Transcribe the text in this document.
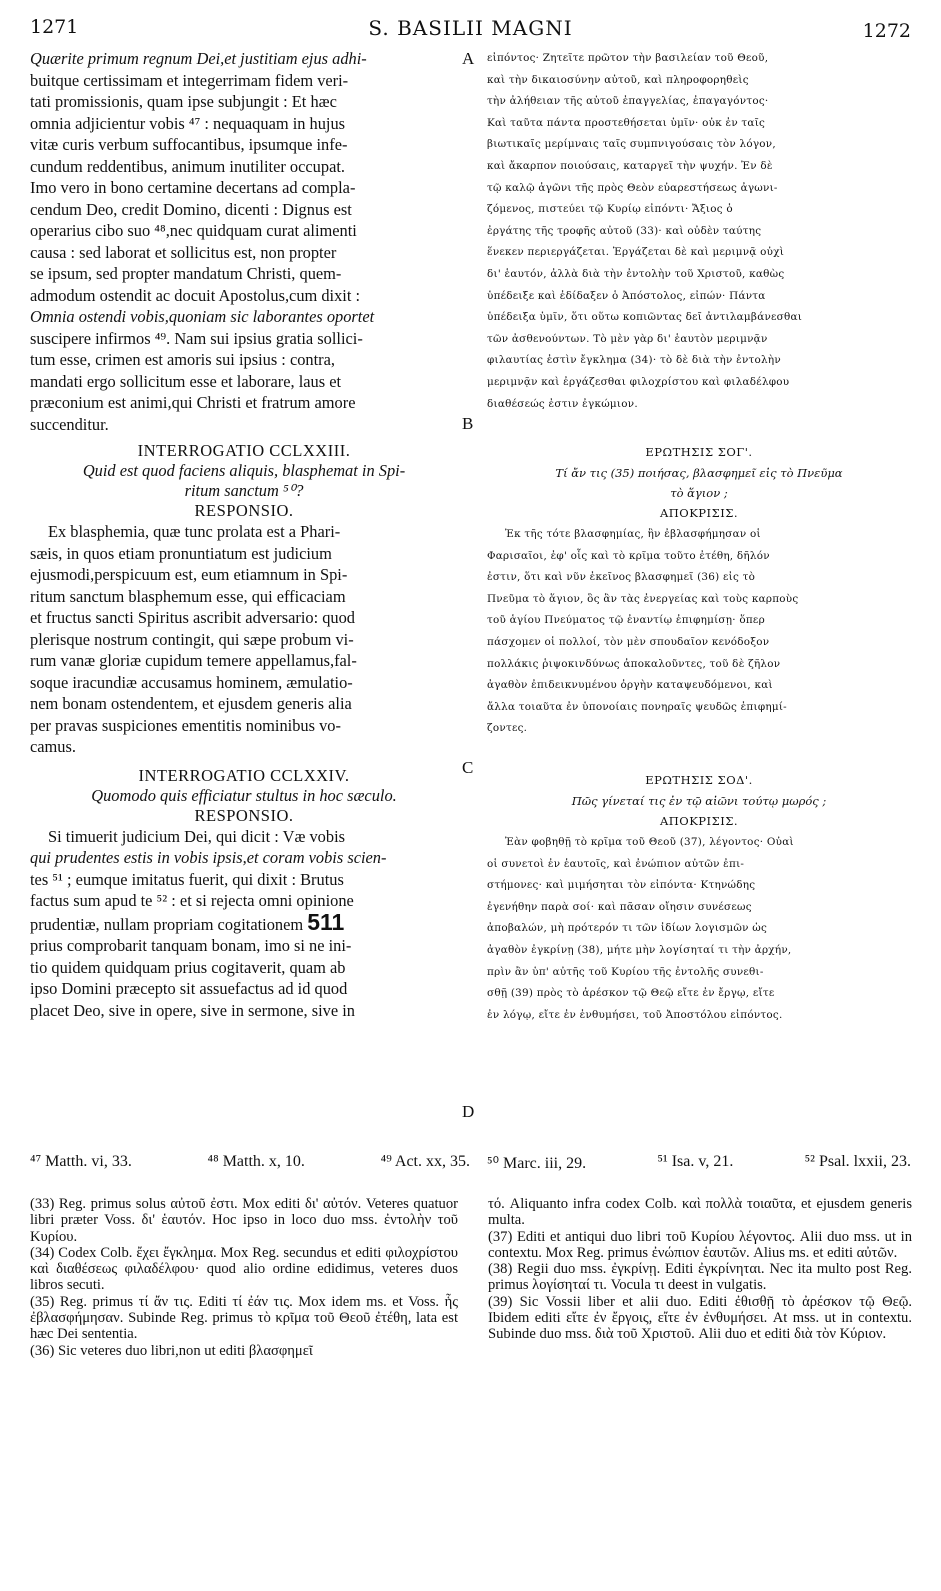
1271	S. BASILII MAGNI	1272

Quærite primum regnum Dei,et justitiam ejus adhi-

buitque certissimam et integerrimam fidem veri-

tati promissionis, quam ipse subjungit : Et hæc

omnia adjicientur vobis ⁴⁷ : nequaquam in hujus

vitæ curis verbum suffocantibus, ipsumque infe-

cundum reddentibus, animum inutiliter occupat.

Imo vero in bono certamine decertans ad compla-

cendum Deo, credit Domino, dicenti : Dignus est

operarius cibo suo ⁴⁸,nec quidquam curat alimenti

causa : sed laborat et sollicitus est, non propter

se ipsum, sed propter mandatum Christi, quem-

admodum ostendit ac docuit Apostolus,cum dixit :

Omnia ostendi vobis,quoniam sic laborantes oportet

suscipere infirmos ⁴⁹. Nam sui ipsius gratia sollici-

tum esse, crimen est amoris sui ipsius : contra,

mandati ergo sollicitum esse et laborare, laus et

præconium est animi,qui Christi et fratrum amore

succenditur.

INTERROGATIO CCLXXIII.

Quid est quod faciens aliquis, blasphemat in Spi-

ritum sanctum ⁵⁰?

RESPONSIO.

Ex blasphemia, quæ tunc prolata est a Phari-

sæis, in quos etiam pronuntiatum est judicium

ejusmodi,perspicuum est, eum etiamnum in Spi-

ritum sanctum blasphemum esse, qui efficaciam

et fructus sancti Spiritus ascribit adversario: quod

plerisque nostrum contingit, qui sæpe probum vi-

rum vanæ gloriæ cupidum temere appellamus,fal-

soque iracundiæ accusamus hominem, æmulatio-

nem bonam ostendentem, et ejusdem generis alia

per pravas suspiciones ementitis nominibus vo-

camus.

INTERROGATIO CCLXXIV.

Quomodo quis efficiatur stultus in hoc sæculo.

RESPONSIO.

Si timuerit judicium Dei, qui dicit : Væ vobis

qui prudentes estis in vobis ipsis,et coram vobis scien-

tes ⁵¹ ; eumque imitatus fuerit, qui dixit : Brutus

factus sum apud te ⁵² : et si rejecta omni opinione

prudentiæ, nullam propriam cogitationem 511

prius comprobarit tanquam bonam, imo si ne ini-

tio quidem quidquam prius cogitaverit, quam ab

ipso Domini præcepto sit assuefactus ad id quod

placet Deo, sive in opere, sive in sermone, sive in

A
B
C
D

εἰπόντος· Ζητεῖτε πρῶτον τὴν βασιλείαν τοῦ Θεοῦ,

καὶ τὴν δικαιοσύνην αὐτοῦ, καὶ πληροφορηθεὶς

τὴν ἀλήθειαν τῆς αὐτοῦ ἐπαγγελίας, ἐπαγαγόντος·

Καὶ ταῦτα πάντα προστεθήσεται ὑμῖν· οὐκ ἐν ταῖς

βιωτικαῖς μερίμναις ταῖς συμπνιγούσαις τὸν λόγον,

καὶ ἄκαρπον ποιούσαις, καταργεῖ τὴν ψυχήν. Ἐν δὲ

τῷ καλῷ ἀγῶνι τῆς πρὸς Θεὸν εὐαρεστήσεως ἀγωνι-

ζόμενος, πιστεύει τῷ Κυρίῳ εἰπόντι· Ἄξιος ὁ

ἐργάτης τῆς τροφῆς αὐτοῦ (33)· καὶ οὐδὲν ταύτης

ἕνεκεν περιεργάζεται. Ἐργάζεται δὲ καὶ μεριμνᾷ οὐχὶ

δι' ἑαυτόν, ἀλλὰ διὰ τὴν ἐντολὴν τοῦ Χριστοῦ, καθὼς

ὑπέδειξε καὶ ἐδίδαξεν ὁ Ἀπόστολος, εἰπών· Πάντα

ὑπέδειξα ὑμῖν, ὅτι οὕτω κοπιῶντας δεῖ ἀντιλαμβάνεσθαι

τῶν ἀσθενούντων. Τὸ μὲν γὰρ δι' ἑαυτὸν μεριμνᾷν

φιλαυτίας ἐστὶν ἔγκλημα (34)· τὸ δὲ διὰ τὴν ἐντολὴν

μεριμνᾷν καὶ ἐργάζεσθαι φιλοχρίστου καὶ φιλαδέλφου

διαθέσεώς ἐστιν ἐγκώμιον.

ΕΡΩΤΗΣΙΣ ΣΟΓ'.

Τί ἄν τις (35) ποιήσας, βλασφημεῖ εἰς τὸ Πνεῦμα

τὸ ἅγιον ;

ΑΠΟΚΡΙΣΙΣ.

Ἐκ τῆς τότε βλασφημίας, ἣν ἐβλασφήμησαν οἱ

Φαρισαῖοι, ἐφ' οἷς καὶ τὸ κρῖμα τοῦτο ἐτέθη, δῆλόν

ἐστιν, ὅτι καὶ νῦν ἐκεῖνος βλασφημεῖ (36) εἰς τὸ

Πνεῦμα τὸ ἅγιον, ὃς ἂν τὰς ἐνεργείας καὶ τοὺς καρποὺς

τοῦ ἁγίου Πνεύματος τῷ ἐναντίῳ ἐπιφημίσῃ· ὅπερ

πάσχομεν οἱ πολλοί, τὸν μὲν σπουδαῖον κενόδοξον

πολλάκις ῥιψοκινδύνως ἀποκαλοῦντες, τοῦ δὲ ζῆλον

ἀγαθὸν ἐπιδεικνυμένου ὀργὴν καταψευδόμενοι, καὶ

ἄλλα τοιαῦτα ἐν ὑπονοίαις πονηραῖς ψευδῶς ἐπιφημί-

ζοντες.

ΕΡΩΤΗΣΙΣ ΣΟΔ'.

Πῶς γίνεταί τις ἐν τῷ αἰῶνι τούτῳ μωρός ;

ΑΠΟΚΡΙΣΙΣ.

Ἐὰν φοβηθῇ τὸ κρῖμα τοῦ Θεοῦ (37), λέγοντος· Οὐαὶ

οἱ συνετοὶ ἐν ἑαυτοῖς, καὶ ἐνώπιον αὐτῶν ἐπι-

στήμονες· καὶ μιμήσηται τὸν εἰπόντα· Κτηνώδης

ἐγενήθην παρὰ σοί· καὶ πᾶσαν οἴησιν συνέσεως

ἀποβαλών, μὴ πρότερόν τι τῶν ἰδίων λογισμῶν ὡς

ἀγαθὸν ἐγκρίνῃ (38), μήτε μὴν λογίσηταί τι τὴν ἀρχήν,

πρὶν ἂν ὑπ' αὐτῆς τοῦ Κυρίου τῆς ἐντολῆς συνεθι-

σθῇ (39) πρὸς τὸ ἀρέσκον τῷ Θεῷ εἴτε ἐν ἔργῳ, εἴτε

ἐν λόγῳ, εἴτε ἐν ἐνθυμήσει, τοῦ Ἀποστόλου εἰπόντος.

⁴⁷ Matth. vi, 33.	⁴⁸ Matth. x, 10.	⁴⁹ Act. xx, 35. ⁵⁰ Marc. iii, 29.	⁵¹ Isa. v, 21.	⁵² Psal. lxxii, 23.

(33) Reg. primus solus αὐτοῦ ἐστι. Mox editi δι' αὐτόν. Veteres quatuor libri præter Voss. δι' ἑαυτόν. Hoc ipso in loco duo mss. ἐντολὴν τοῦ Κυρίου.

(34) Codex Colb. ἔχει ἔγκλημα. Mox Reg. secundus et editi φιλοχρίστου καὶ διαθέσεως φιλαδέλφου· quod alio ordine edidimus, veteres duos libros secuti.

(35) Reg. primus τί ἄν τις. Editi τί ἐάν τις. Mox idem ms. et Voss. ἧς ἐβλασφήμησαν. Subinde Reg. primus τὸ κρῖμα τοῦ Θεοῦ ἐτέθη, lata est hæc Dei sententia.

(36) Sic veteres duo libri,non ut editi βλασφημεῖ

τό. Aliquanto infra codex Colb. καὶ πολλὰ τοιαῦτα, et ejusdem generis multa.

(37) Editi et antiqui duo libri τοῦ Κυρίου λέγοντος. Alii duo mss. ut in contextu. Mox Reg. primus ἐνώπιον ἑαυτῶν. Alius ms. et editi αὐτῶν.

(38) Regii duo mss. ἐγκρίνῃ. Editi ἐγκρίνηται. Nec ita multo post Reg. primus λογίσηταί τι. Vocula τι deest in vulgatis.

(39) Sic Vossii liber et alii duo. Editi ἐθισθῇ τὸ ἀρέσκον τῷ Θεῷ. Ibidem editi εἴτε ἐν ἔργοις, εἴτε ἐν ἐνθυμήσει. At mss. ut in contextu. Subinde duo mss. διὰ τοῦ Χριστοῦ. Alii duo et editi διὰ τὸν Κύριον.
